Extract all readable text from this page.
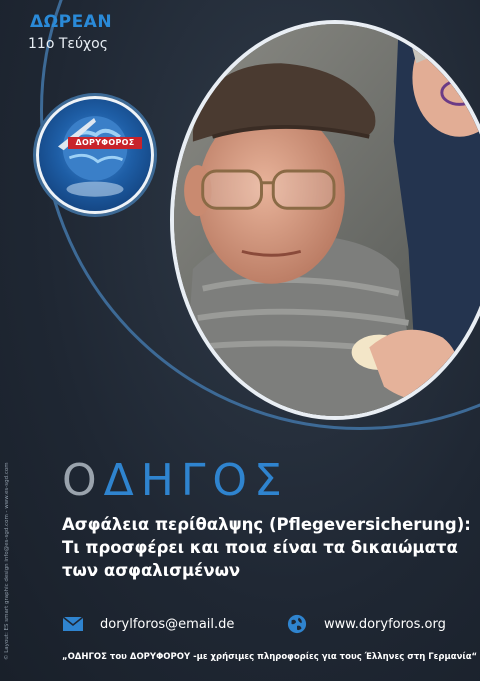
ΔΩΡΕΑΝ
11ο Τεύχος
ΔΟΡΥΦΟΡΟΣ
© Layout: ES smart graphic design info@es-sgd.com - www.es-sgd.com ΟΔΗΓΟΣ
Ασφάλεια περίθαλψης (Pflegeversicherung):
Τι προσφέρει και ποια είναι τα δικαιώματα
των ασφαλισμένων
dorylforos@email.de	www.doryforos.org
„ΟΔΗΓΟΣ του ΔΟΡΥΦΟΡΟΥ -με χρήσιμες πληροφορίες για τους Έλληνες στη Γερμανία“
